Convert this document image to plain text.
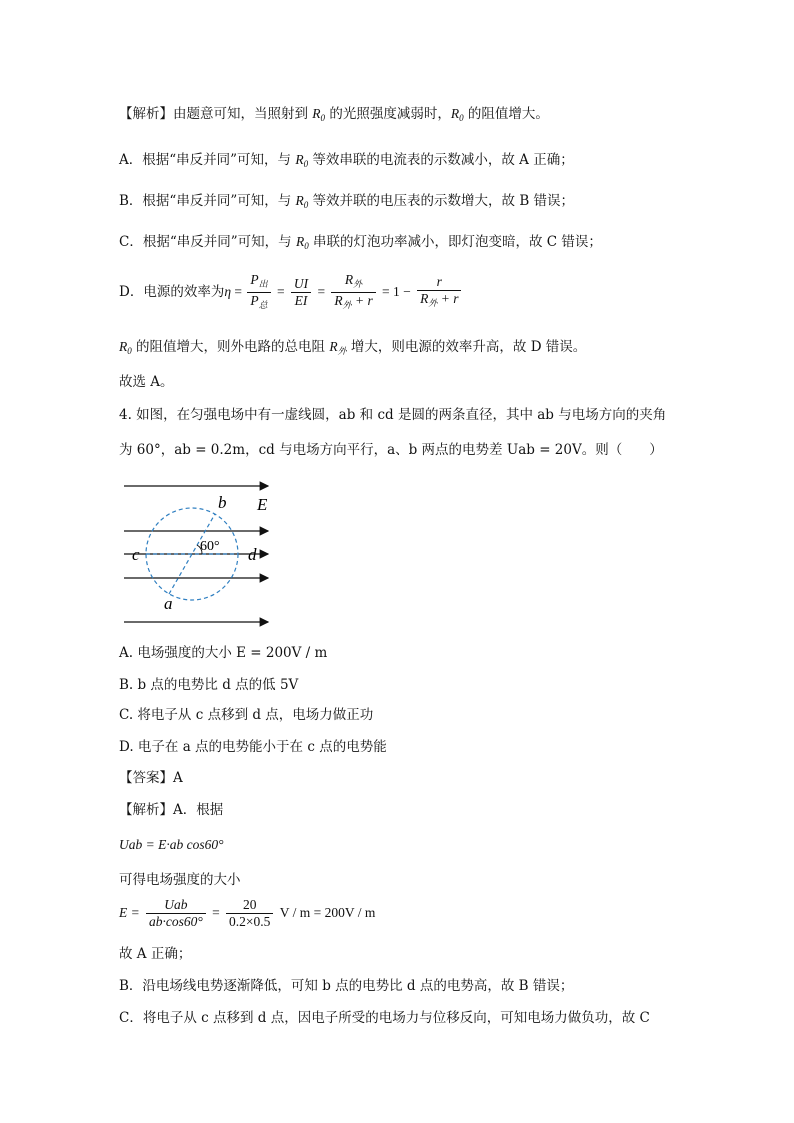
【解析】由题意可知，当照射到 $R_0$ 的光照强度减弱时，$R_0$ 的阻值增大。
A．根据“串反并同”可知，与 $R_0$ 等效串联的电流表的示数减小，故 A 正确；
B．根据“串反并同”可知，与 $R_0$ 等效并联的电压表的示数增大，故 B 错误；
C．根据“串反并同”可知，与 $R_0$ 串联的灯泡功率减小，即灯泡变暗，故 C 错误；
D．电源的效率为$\eta = \frac{P_出}{P_总} = \frac{UI}{EI} = \frac{R_外}{R_外 + r} = 1 - \frac{r}{R_外 + r}$
$R_0$ 的阻值增大，则外电路的总电阻 $R_外$ 增大，则电源的效率升高，故 D 错误。
故选 A。
4. 如图，在匀强电场中有一虚线圆，ab 和 cd 是圆的两条直径，其中 ab 与电场方向的夹角
为 60°，ab = 0.2m，cd 与电场方向平行，a、b 两点的电势差 Uab = 20V。则（　　）
b E
c	d
60°
a
A. 电场强度的大小 E = 200V / m
B. b 点的电势比 d 点的低 5V
C. 将电子从 c 点移到 d 点，电场力做正功
D. 电子在 a 点的电势能小于在 c 点的电势能
【答案】A
【解析】A．根据
Uab = E·ab cos60°
可得电场强度的大小
$E = \frac{\text{Uab}}{ab\cdot\cos 60^\circ} = \frac{20}{0.2\times 0.5}$ V / m = 200V / m
故 A 正确；
B．沿电场线电势逐渐降低，可知 b 点的电势比 d 点的电势高，故 B 错误；
C．将电子从 c 点移到 d 点，因电子所受的电场力与位移反向，可知电场力做负功，故 C
